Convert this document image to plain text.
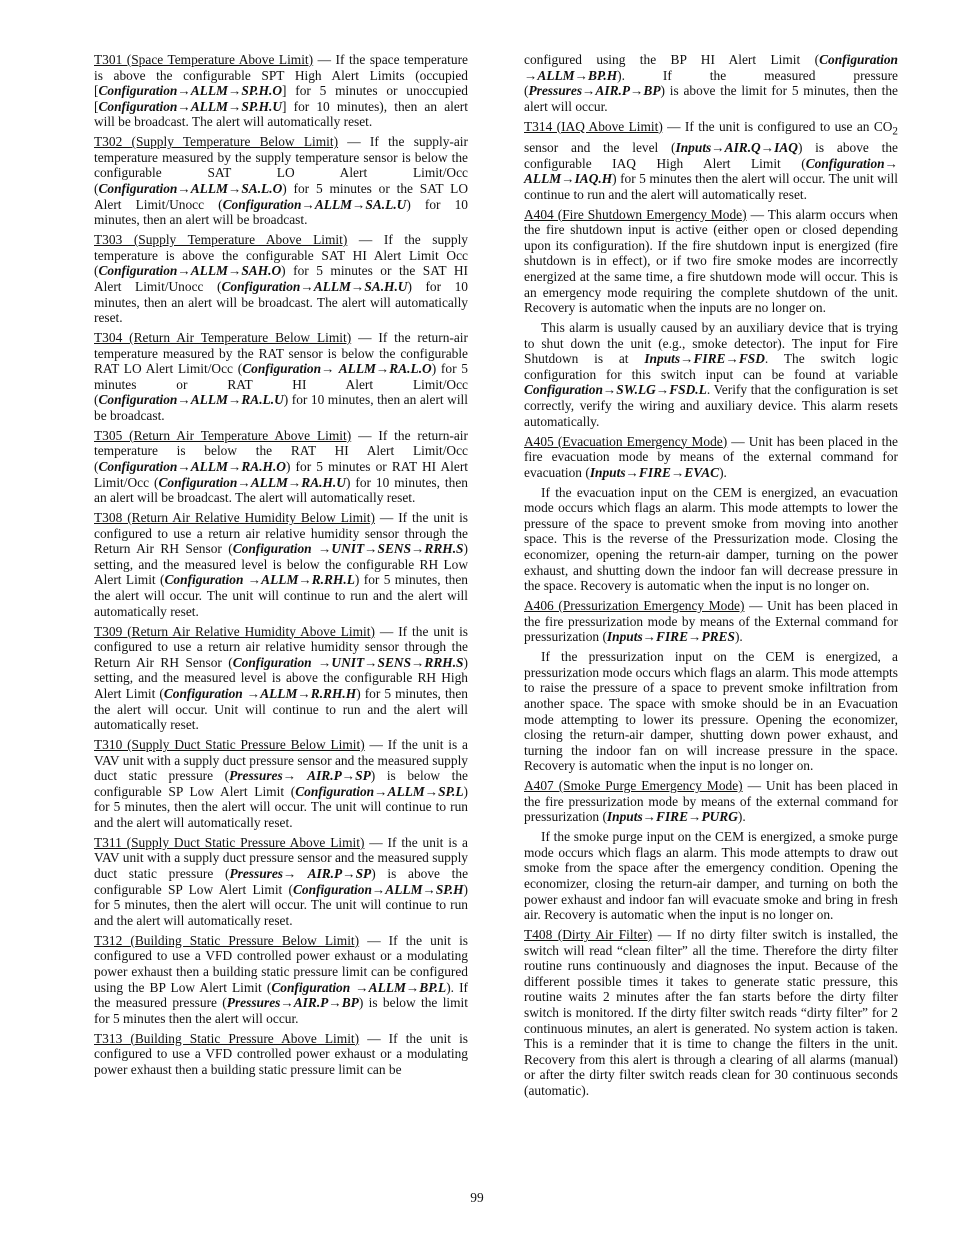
T301 (Space Temperature Above Limit) — If the space temperature is above the configurable SPT High Alert Limits (occupied [Configuration→ALLM→SP.H.O] for 5 minutes or unoccupied [Configuration→ALLM→SP.H.U] for 10 minutes), then an alert will be broadcast. The alert will automatically reset.

T302 (Supply Temperature Below Limit) — If the supply-air temperature measured by the supply temperature sensor is below the configurable SAT LO Alert Limit/Occ (Configuration→ALLM→SA.L.O) for 5 minutes or the SAT LO Alert Limit/Unocc (Configuration→ALLM→SA.L.U) for 10 minutes, then an alert will be broadcast.

T303 (Supply Temperature Above Limit) — If the supply temperature is above the configurable SAT HI Alert Limit Occ (Configuration→ALLM→SAH.O) for 5 minutes or the SAT HI Alert Limit/Unocc (Configuration→ALLM→SA.H.U) for 10 minutes, then an alert will be broadcast. The alert will automatically reset.

T304 (Return Air Temperature Below Limit) — If the return-air temperature measured by the RAT sensor is below the configurable RAT LO Alert Limit/Occ (Configuration→ ALLM→RA.L.O) for 5 minutes or RAT HI Alert Limit/Occ (Configuration→ALLM→RA.L.U) for 10 minutes, then an alert will be broadcast.

T305 (Return Air Temperature Above Limit) — If the return-air temperature is below the RAT HI Alert Limit/Occ (Configuration→ALLM→RA.H.O) for 5 minutes or RAT HI Alert Limit/Occ (Configuration→ALLM→RA.H.U) for 10 minutes, then an alert will be broadcast. The alert will automatically reset.

T308 (Return Air Relative Humidity Below Limit) — If the unit is configured to use a return air relative humidity sensor through the Return Air RH Sensor (Configuration →UNIT→SENS→RRH.S) setting, and the measured level is below the configurable RH Low Alert Limit (Configuration →ALLM→R.RH.L) for 5 minutes, then the alert will occur. The unit will continue to run and the alert will automatically reset.

T309 (Return Air Relative Humidity Above Limit) — If the unit is configured to use a return air relative humidity sensor through the Return Air RH Sensor (Configuration →UNIT→SENS→RRH.S) setting, and the measured level is above the configurable RH High Alert Limit (Configuration →ALLM→R.RH.H) for 5 minutes, then the alert will occur. Unit will continue to run and the alert will automatically reset.

T310 (Supply Duct Static Pressure Below Limit) — If the unit is a VAV unit with a supply duct pressure sensor and the measured supply duct static pressure (Pressures→ AIR.P→SP) is below the configurable SP Low Alert Limit (Configuration→ALLM→SP.L) for 5 minutes, then the alert will occur. The unit will continue to run and the alert will automatically reset.

T311 (Supply Duct Static Pressure Above Limit) — If the unit is a VAV unit with a supply duct pressure sensor and the measured supply duct static pressure (Pressures→ AIR.P→SP) is above the configurable SP Low Alert Limit (Configuration→ALLM→SP.H) for 5 minutes, then the alert will occur. The unit will continue to run and the alert will automatically reset.

T312 (Building Static Pressure Below Limit) — If the unit is configured to use a VFD controlled power exhaust or a modulating power exhaust then a building static pressure limit can be configured using the BP Low Alert Limit (Configuration →ALLM→BP.L). If the measured pressure (Pressures→AIR.P→BP) is below the limit for 5 minutes then the alert will occur.

T313 (Building Static Pressure Above Limit) — If the unit is configured to use a VFD controlled power exhaust or a modulating power exhaust then a building static pressure limit can be

configured using the BP HI Alert Limit (Configuration →ALLM→BP.H). If the measured pressure (Pressures→AIR.P→BP) is above the limit for 5 minutes, then the alert will occur.

T314 (IAQ Above Limit) — If the unit is configured to use an $CO_2$ sensor and the level (Inputs→AIR.Q→IAQ) is above the configurable IAQ High Alert Limit (Configuration→ ALLM→IAQ.H) for 5 minutes then the alert will occur. The unit will continue to run and the alert will automatically reset.

A404 (Fire Shutdown Emergency Mode) — This alarm occurs when the fire shutdown input is active (either open or closed depending upon its configuration). If the fire shutdown input is energized (fire shutdown is in effect), or if two fire smoke modes are incorrectly energized at the same time, a fire shutdown mode will occur. This is an emergency mode requiring the complete shutdown of the unit. Recovery is automatic when the inputs are no longer on.

This alarm is usually caused by an auxiliary device that is trying to shut down the unit (e.g., smoke detector). The input for Fire Shutdown is at Inputs→FIRE→FSD. The switch logic configuration for this switch input can be found at variable Configuration→SW.LG→FSD.L. Verify that the configuration is set correctly, verify the wiring and auxiliary device. This alarm resets automatically.

A405 (Evacuation Emergency Mode) — Unit has been placed in the fire evacuation mode by means of the external command for evacuation (Inputs→FIRE→EVAC).

If the evacuation input on the CEM is energized, an evacuation mode occurs which flags an alarm. This mode attempts to lower the pressure of the space to prevent smoke from moving into another space. This is the reverse of the Pressurization mode. Closing the economizer, opening the return-air damper, turning on the power exhaust, and shutting down the indoor fan will decrease pressure in the space. Recovery is automatic when the input is no longer on.

A406 (Pressurization Emergency Mode) — Unit has been placed in the fire pressurization mode by means of the External command for pressurization (Inputs→FIRE→PRES).

If the pressurization input on the CEM is energized, a pressurization mode occurs which flags an alarm. This mode attempts to raise the pressure of a space to prevent smoke infiltration from another space. The space with smoke should be in an Evacuation mode attempting to lower its pressure. Opening the economizer, closing the return-air damper, shutting down power exhaust, and turning the indoor fan on will increase pressure in the space. Recovery is automatic when the input is no longer on.

A407 (Smoke Purge Emergency Mode) — Unit has been placed in the fire pressurization mode by means of the external command for pressurization (Inputs→FIRE→PURG).

If the smoke purge input on the CEM is energized, a smoke purge mode occurs which flags an alarm. This mode attempts to draw out smoke from the space after the emergency condition. Opening the economizer, closing the return-air damper, and turning on both the power exhaust and indoor fan will evacuate smoke and bring in fresh air. Recovery is automatic when the input is no longer on.

T408 (Dirty Air Filter) — If no dirty filter switch is installed, the switch will read “clean filter” all the time. Therefore the dirty filter routine runs continuously and diagnoses the input. Because of the different possible times it takes to generate static pressure, this routine waits 2 minutes after the fan starts before the dirty filter switch is monitored. If the dirty filter switch reads “dirty filter” for 2 continuous minutes, an alert is generated. No system action is taken. This is a reminder that it is time to change the filters in the unit. Recovery from this alert is through a clearing of all alarms (manual) or after the dirty filter switch reads clean for 30 continuous seconds (automatic).

99
